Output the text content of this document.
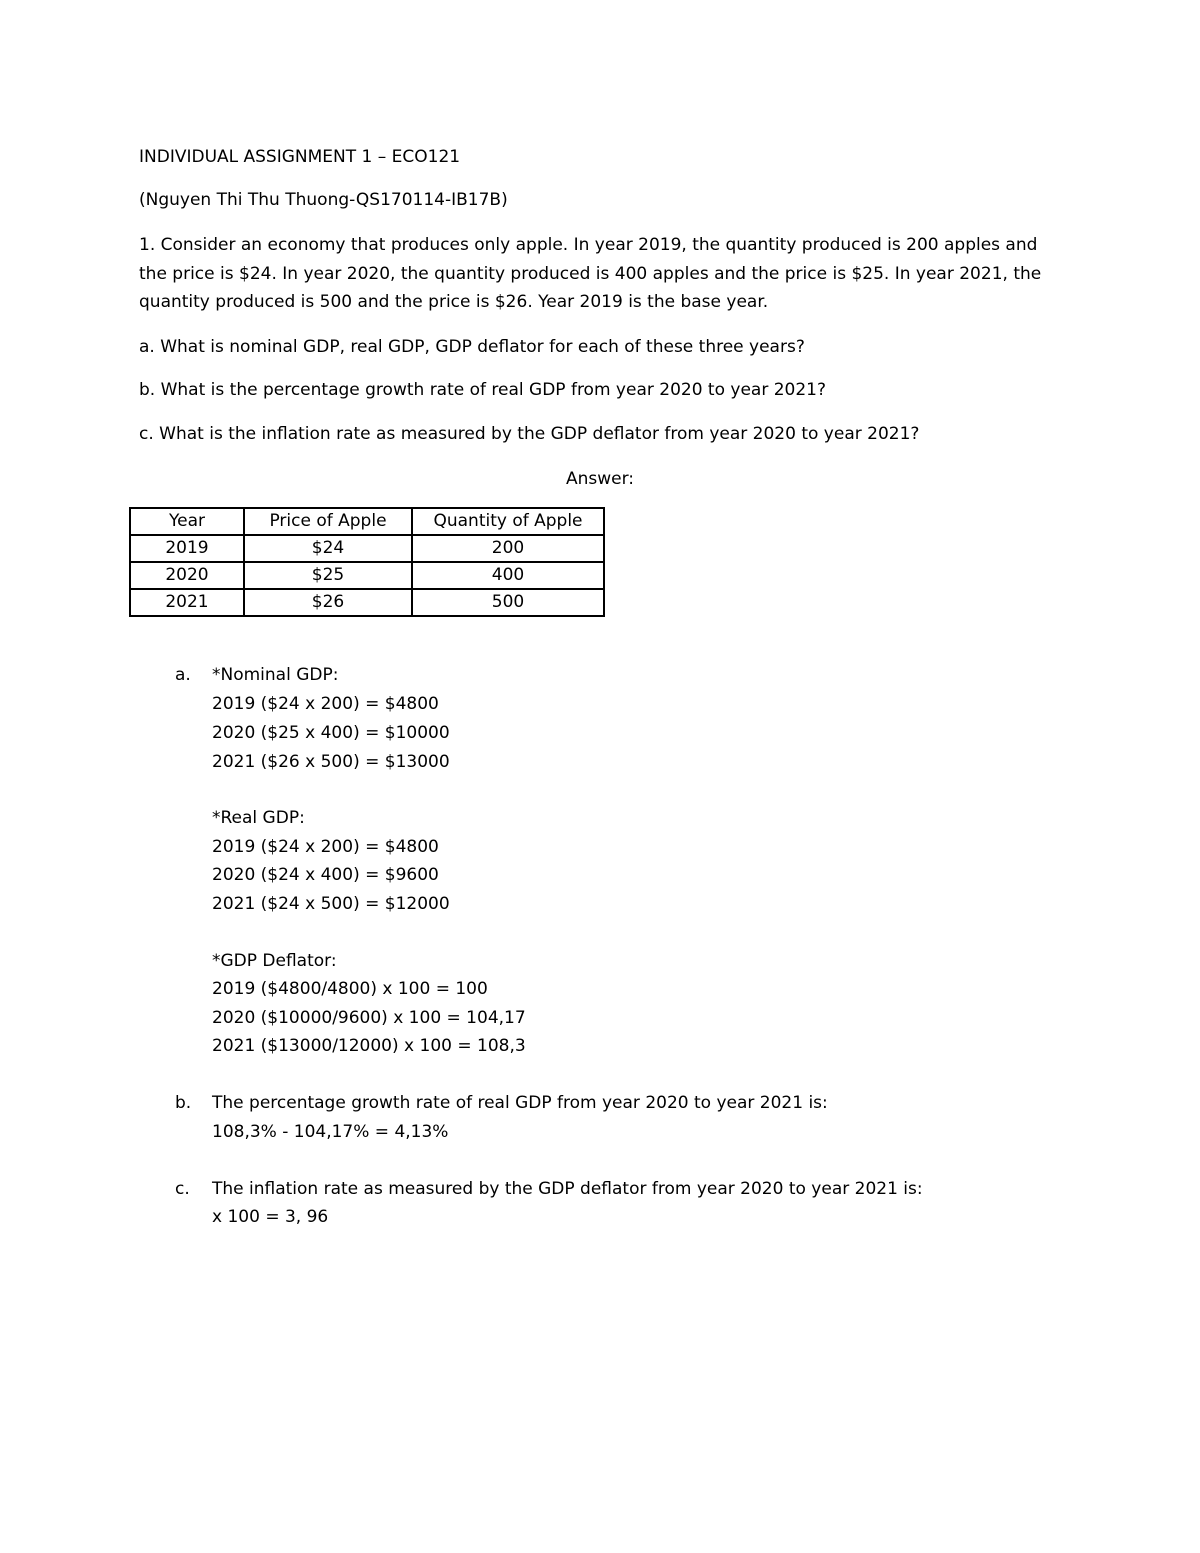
INDIVIDUAL ASSIGNMENT 1 – ECO121
(Nguyen Thi Thu Thuong-QS170114-IB17B)
1. Consider an economy that produces only apple. In year 2019, the quantity produced is 200 apples and
the price is $24. In year 2020, the quantity produced is 400 apples and the price is $25. In year 2021, the
quantity produced is 500 and the price is $26. Year 2019 is the base year.
a. What is nominal GDP, real GDP, GDP deflator for each of these three years?
b. What is the percentage growth rate of real GDP from year 2020 to year 2021?
c. What is the inflation rate as measured by the GDP deflator from year 2020 to year 2021?
Answer:
Year	Price of Apple	Quantity of Apple
2019	$24	200
2020	$25	400
2021	$26	500
a. *Nominal GDP:
2019 ($24 x 200) = $4800
2020 ($25 x 400) = $10000
2021 ($26 x 500) = $13000
*Real GDP:
2019 ($24 x 200) = $4800
2020 ($24 x 400) = $9600
2021 ($24 x 500) = $12000
*GDP Deflator:
2019 ($4800/4800) x 100 = 100
2020 ($10000/9600) x 100 = 104,17
2021 ($13000/12000) x 100 = 108,3
b. The percentage growth rate of real GDP from year 2020 to year 2021 is:
108,3% - 104,17% = 4,13%
c. The inflation rate as measured by the GDP deflator from year 2020 to year 2021 is:
x 100 = 3, 96
